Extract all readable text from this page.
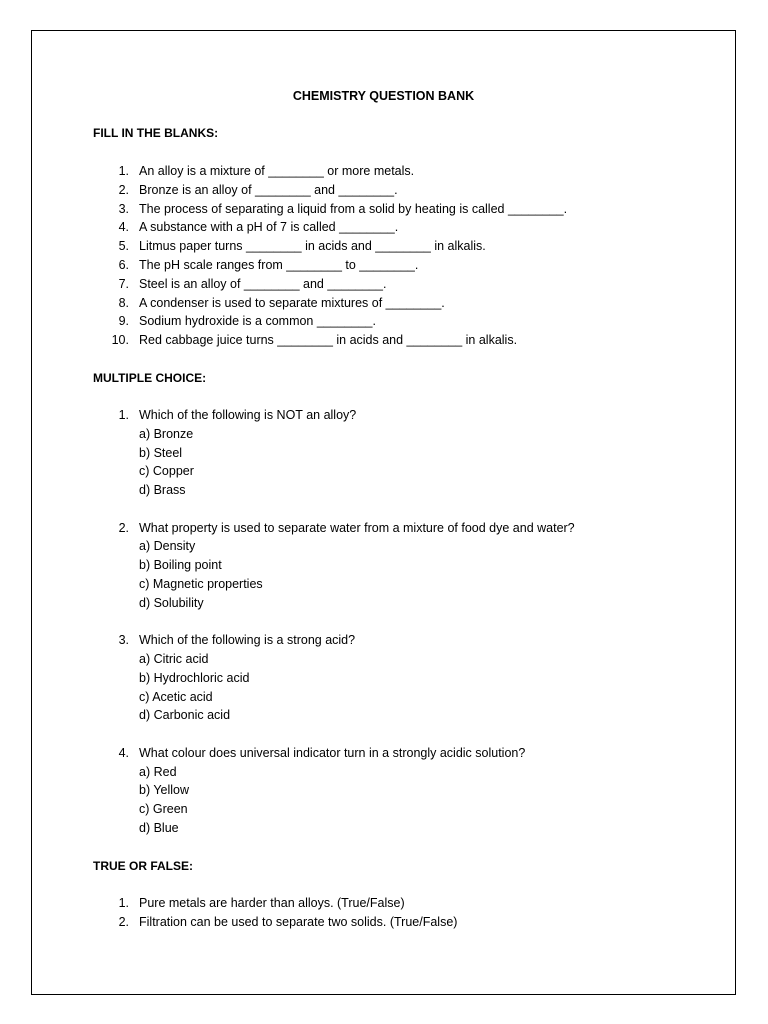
CHEMISTRY QUESTION BANK
FILL IN THE BLANKS:
1. An alloy is a mixture of ________ or more metals.
2. Bronze is an alloy of ________ and ________.
3. The process of separating a liquid from a solid by heating is called ________.
4. A substance with a pH of 7 is called ________.
5. Litmus paper turns ________ in acids and ________ in alkalis.
6. The pH scale ranges from ________ to ________.
7. Steel is an alloy of ________ and ________.
8. A condenser is used to separate mixtures of ________.
9. Sodium hydroxide is a common ________.
10. Red cabbage juice turns ________ in acids and ________ in alkalis.
MULTIPLE CHOICE:
1. Which of the following is NOT an alloy?
a) Bronze
b) Steel
c) Copper
d) Brass
2. What property is used to separate water from a mixture of food dye and water?
a) Density
b) Boiling point
c) Magnetic properties
d) Solubility
3. Which of the following is a strong acid?
a) Citric acid
b) Hydrochloric acid
c) Acetic acid
d) Carbonic acid
4. What colour does universal indicator turn in a strongly acidic solution?
a) Red
b) Yellow
c) Green
d) Blue
TRUE OR FALSE:
1. Pure metals are harder than alloys. (True/False)
2. Filtration can be used to separate two solids. (True/False)
